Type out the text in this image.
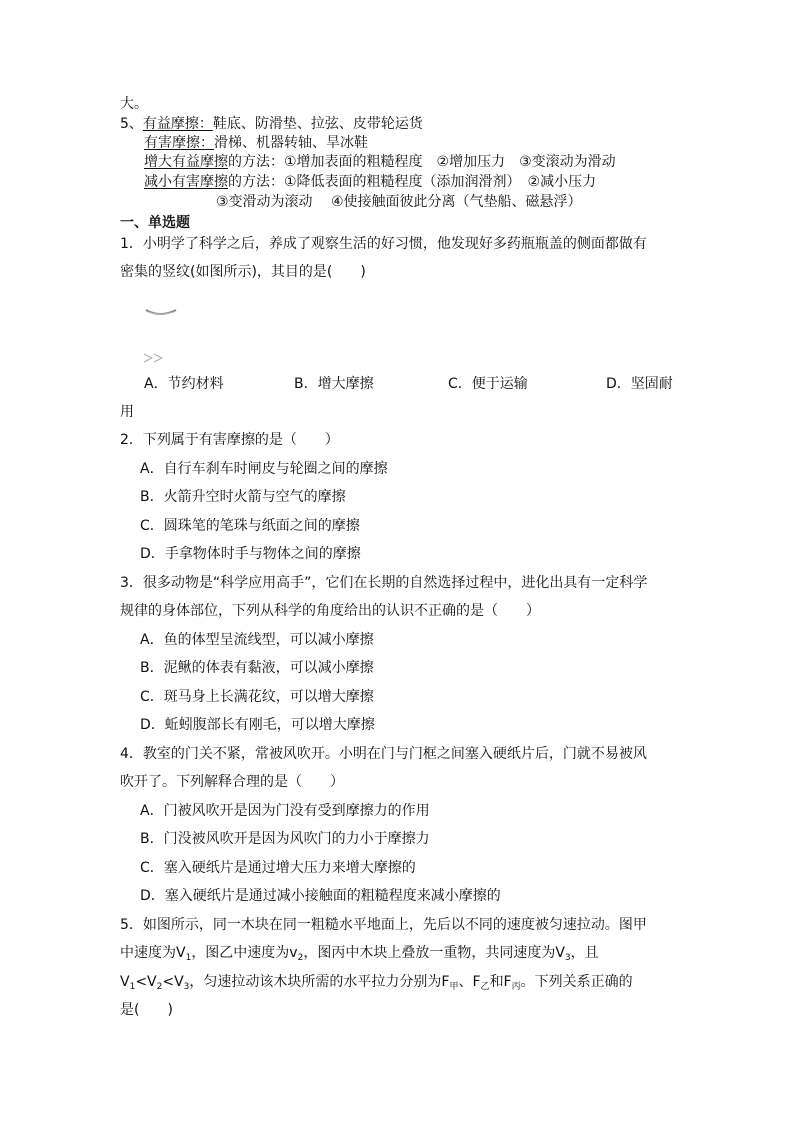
大。
5、有益摩擦：鞋底、防滑垫、拉弦、皮带轮运货
有害摩擦：滑梯、机器转轴、旱冰鞋
增大有益摩擦的方法：①增加表面的粗糙程度　②增加压力　③变滚动为滑动
减小有害摩擦的方法：①降低表面的粗糙程度（添加润滑剂）　②减小压力
③变滑动为滚动　 ④使接触面彼此分离（气垫船、磁悬浮）
一、单选题
1．小明学了科学之后，养成了观察生活的好习惯，他发现好多药瓶瓶盖的侧面都做有
密集的竖纹(如图所示)，其目的是(　　)
A．节约材料	B．增大摩擦	C．便于运输	D．坚固耐
用
2．下列属于有害摩擦的是（　　）
A．自行车刹车时闸皮与轮圈之间的摩擦
B．火箭升空时火箭与空气的摩擦
C．圆珠笔的笔珠与纸面之间的摩擦
D．手拿物体时手与物体之间的摩擦
3．很多动物是“科学应用高手”，它们在长期的自然选择过程中，进化出具有一定科学
规律的身体部位，下列从科学的角度给出的认识不正确的是（　　）
A．鱼的体型呈流线型，可以减小摩擦
B．泥鳅的体表有黏液，可以减小摩擦
C．斑马身上长满花纹，可以增大摩擦
D．蚯蚓腹部长有刚毛，可以增大摩擦
4．教室的门关不紧，常被风吹开。小明在门与门框之间塞入硬纸片后，门就不易被风
吹开了。下列解释合理的是（　　）
A．门被风吹开是因为门没有受到摩擦力的作用
B．门没被风吹开是因为风吹门的力小于摩擦力
C．塞入硬纸片是通过增大压力来增大摩擦的
D．塞入硬纸片是通过减小接触面的粗糙程度来减小摩擦的
5．如图所示，同一木块在同一粗糙水平地面上，先后以不同的速度被匀速拉动。图甲
中速度为$V_1$，图乙中速度为$v_2$，图丙中木块上叠放一重物，共同速度为$V_3$，且
$V_1<V_2<V_3$，匀速拉动该木块所需的水平拉力分别为$F_甲$、$F_乙$和$F_丙$。下列关系正确的
是(　　)
